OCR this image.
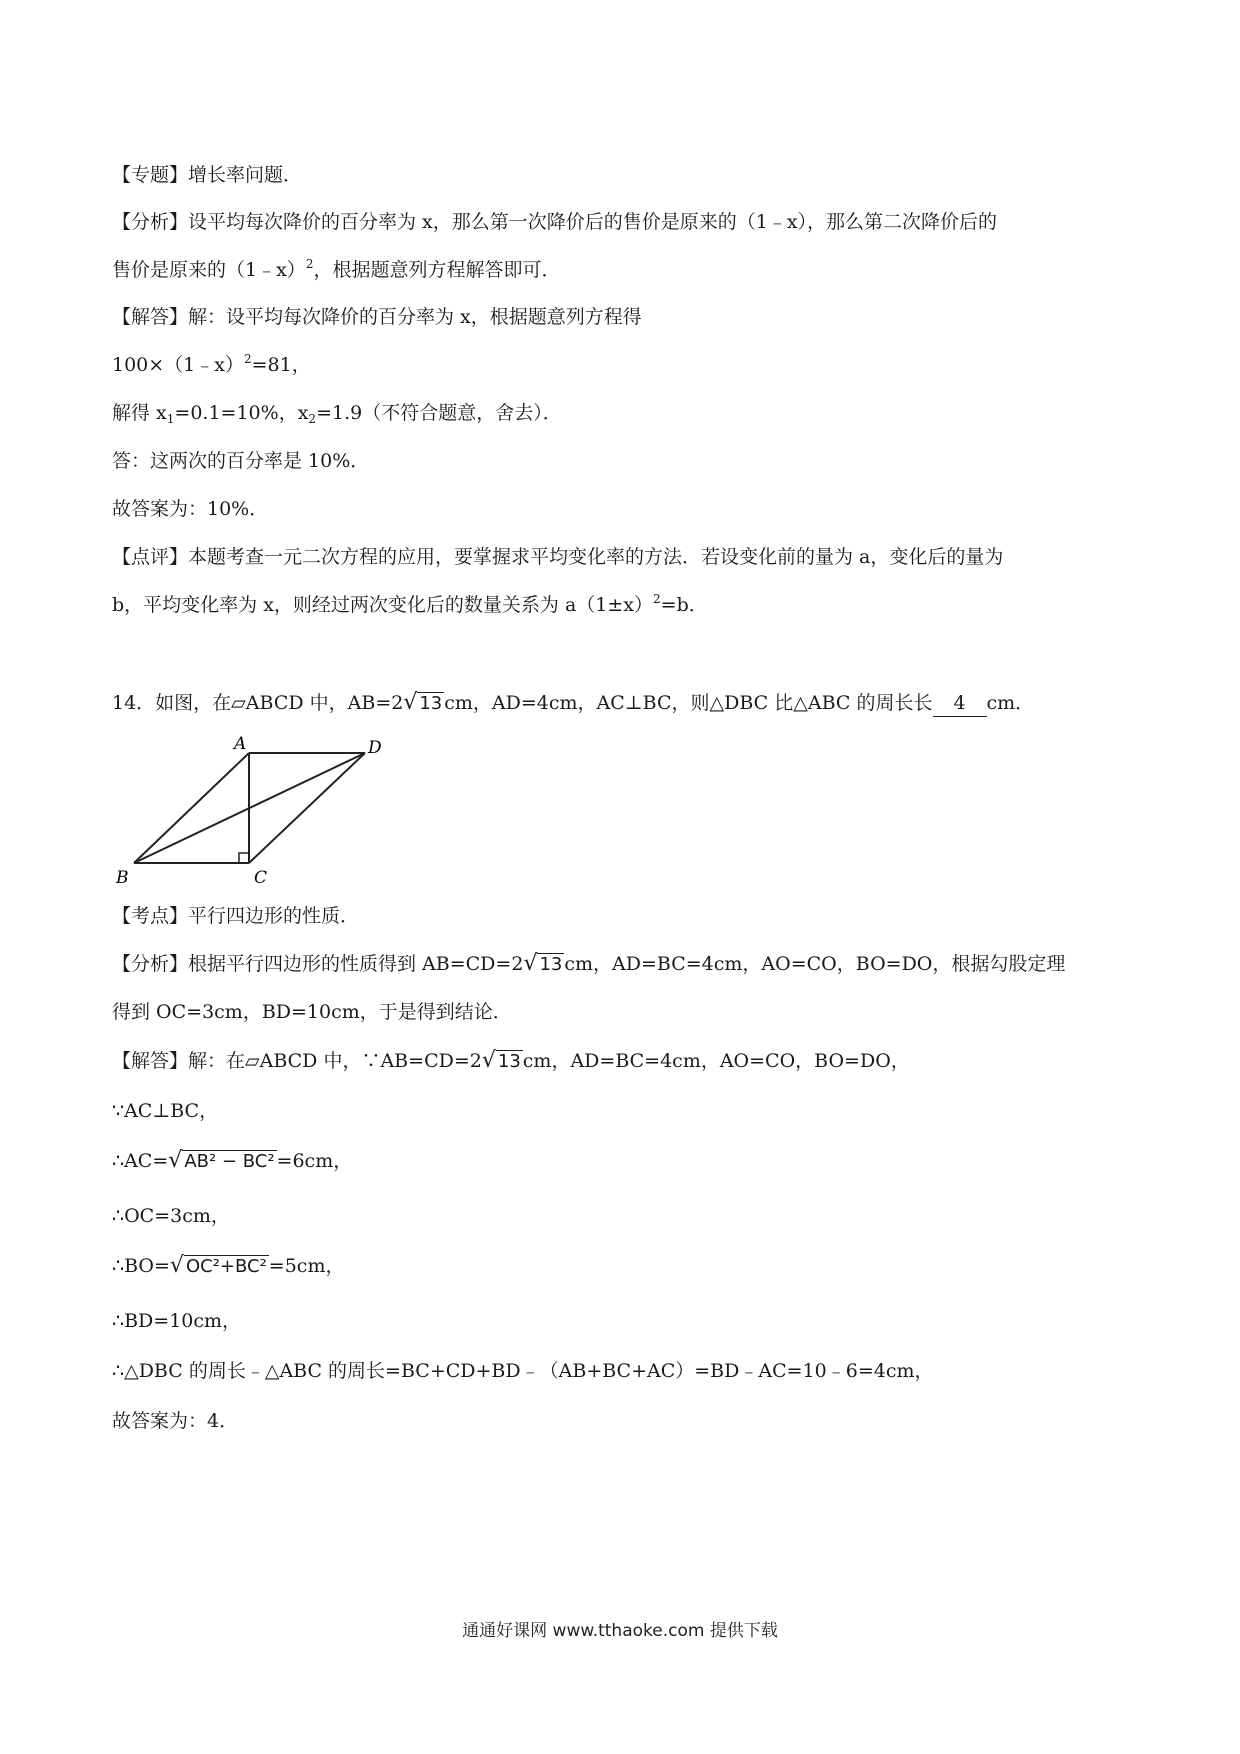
【专题】增长率问题．
【分析】设平均每次降价的百分率为 x，那么第一次降价后的售价是原来的（1﹣x），那么第二次降价后的
售价是原来的（1﹣x）$^2$，根据题意列方程解答即可．
【解答】解：设平均每次降价的百分率为 x，根据题意列方程得
100×（1﹣x）$^2$=81，
解得 $x_1=0.1=10\%$，$x_2=1.9$（不符合题意，舍去）．
答：这两次的百分率是 10%．
故答案为：10%．
【点评】本题考查一元二次方程的应用，要掌握求平均变化率的方法．若设变化前的量为 a，变化后的量为
b，平均变化率为 x，则经过两次变化后的数量关系为 $a(1\pm x)^2=b$．
14．如图，在▱ABCD 中，AB=2√ 13 cm，AD=4cm，AC⊥BC，则△DBC 比△ABC 的周长长 4 cm．
A	D
B	C
【考点】平行四边形的性质．
【分析】根据平行四边形的性质得到 AB=CD=2√ 13 cm，AD=BC=4cm，AO=CO，BO=DO，根据勾股定理
得到 OC=3cm，BD=10cm，于是得到结论．
【解答】解：在▱ABCD 中，∵AB=CD=2√ 13 cm，AD=BC=4cm，AO=CO，BO=DO，
∵AC⊥BC，
∴AC=√ AB² − BC² =6cm，
∴OC=3cm，
∴BO=√ OC²+BC² =5cm，
∴BD=10cm，
∴△DBC 的周长﹣△ABC 的周长=BC+CD+BD﹣（AB+BC+AC）=BD﹣AC=10﹣6=4cm，
故答案为：4．
通通好课网 www.tthaoke.com 提供下载
